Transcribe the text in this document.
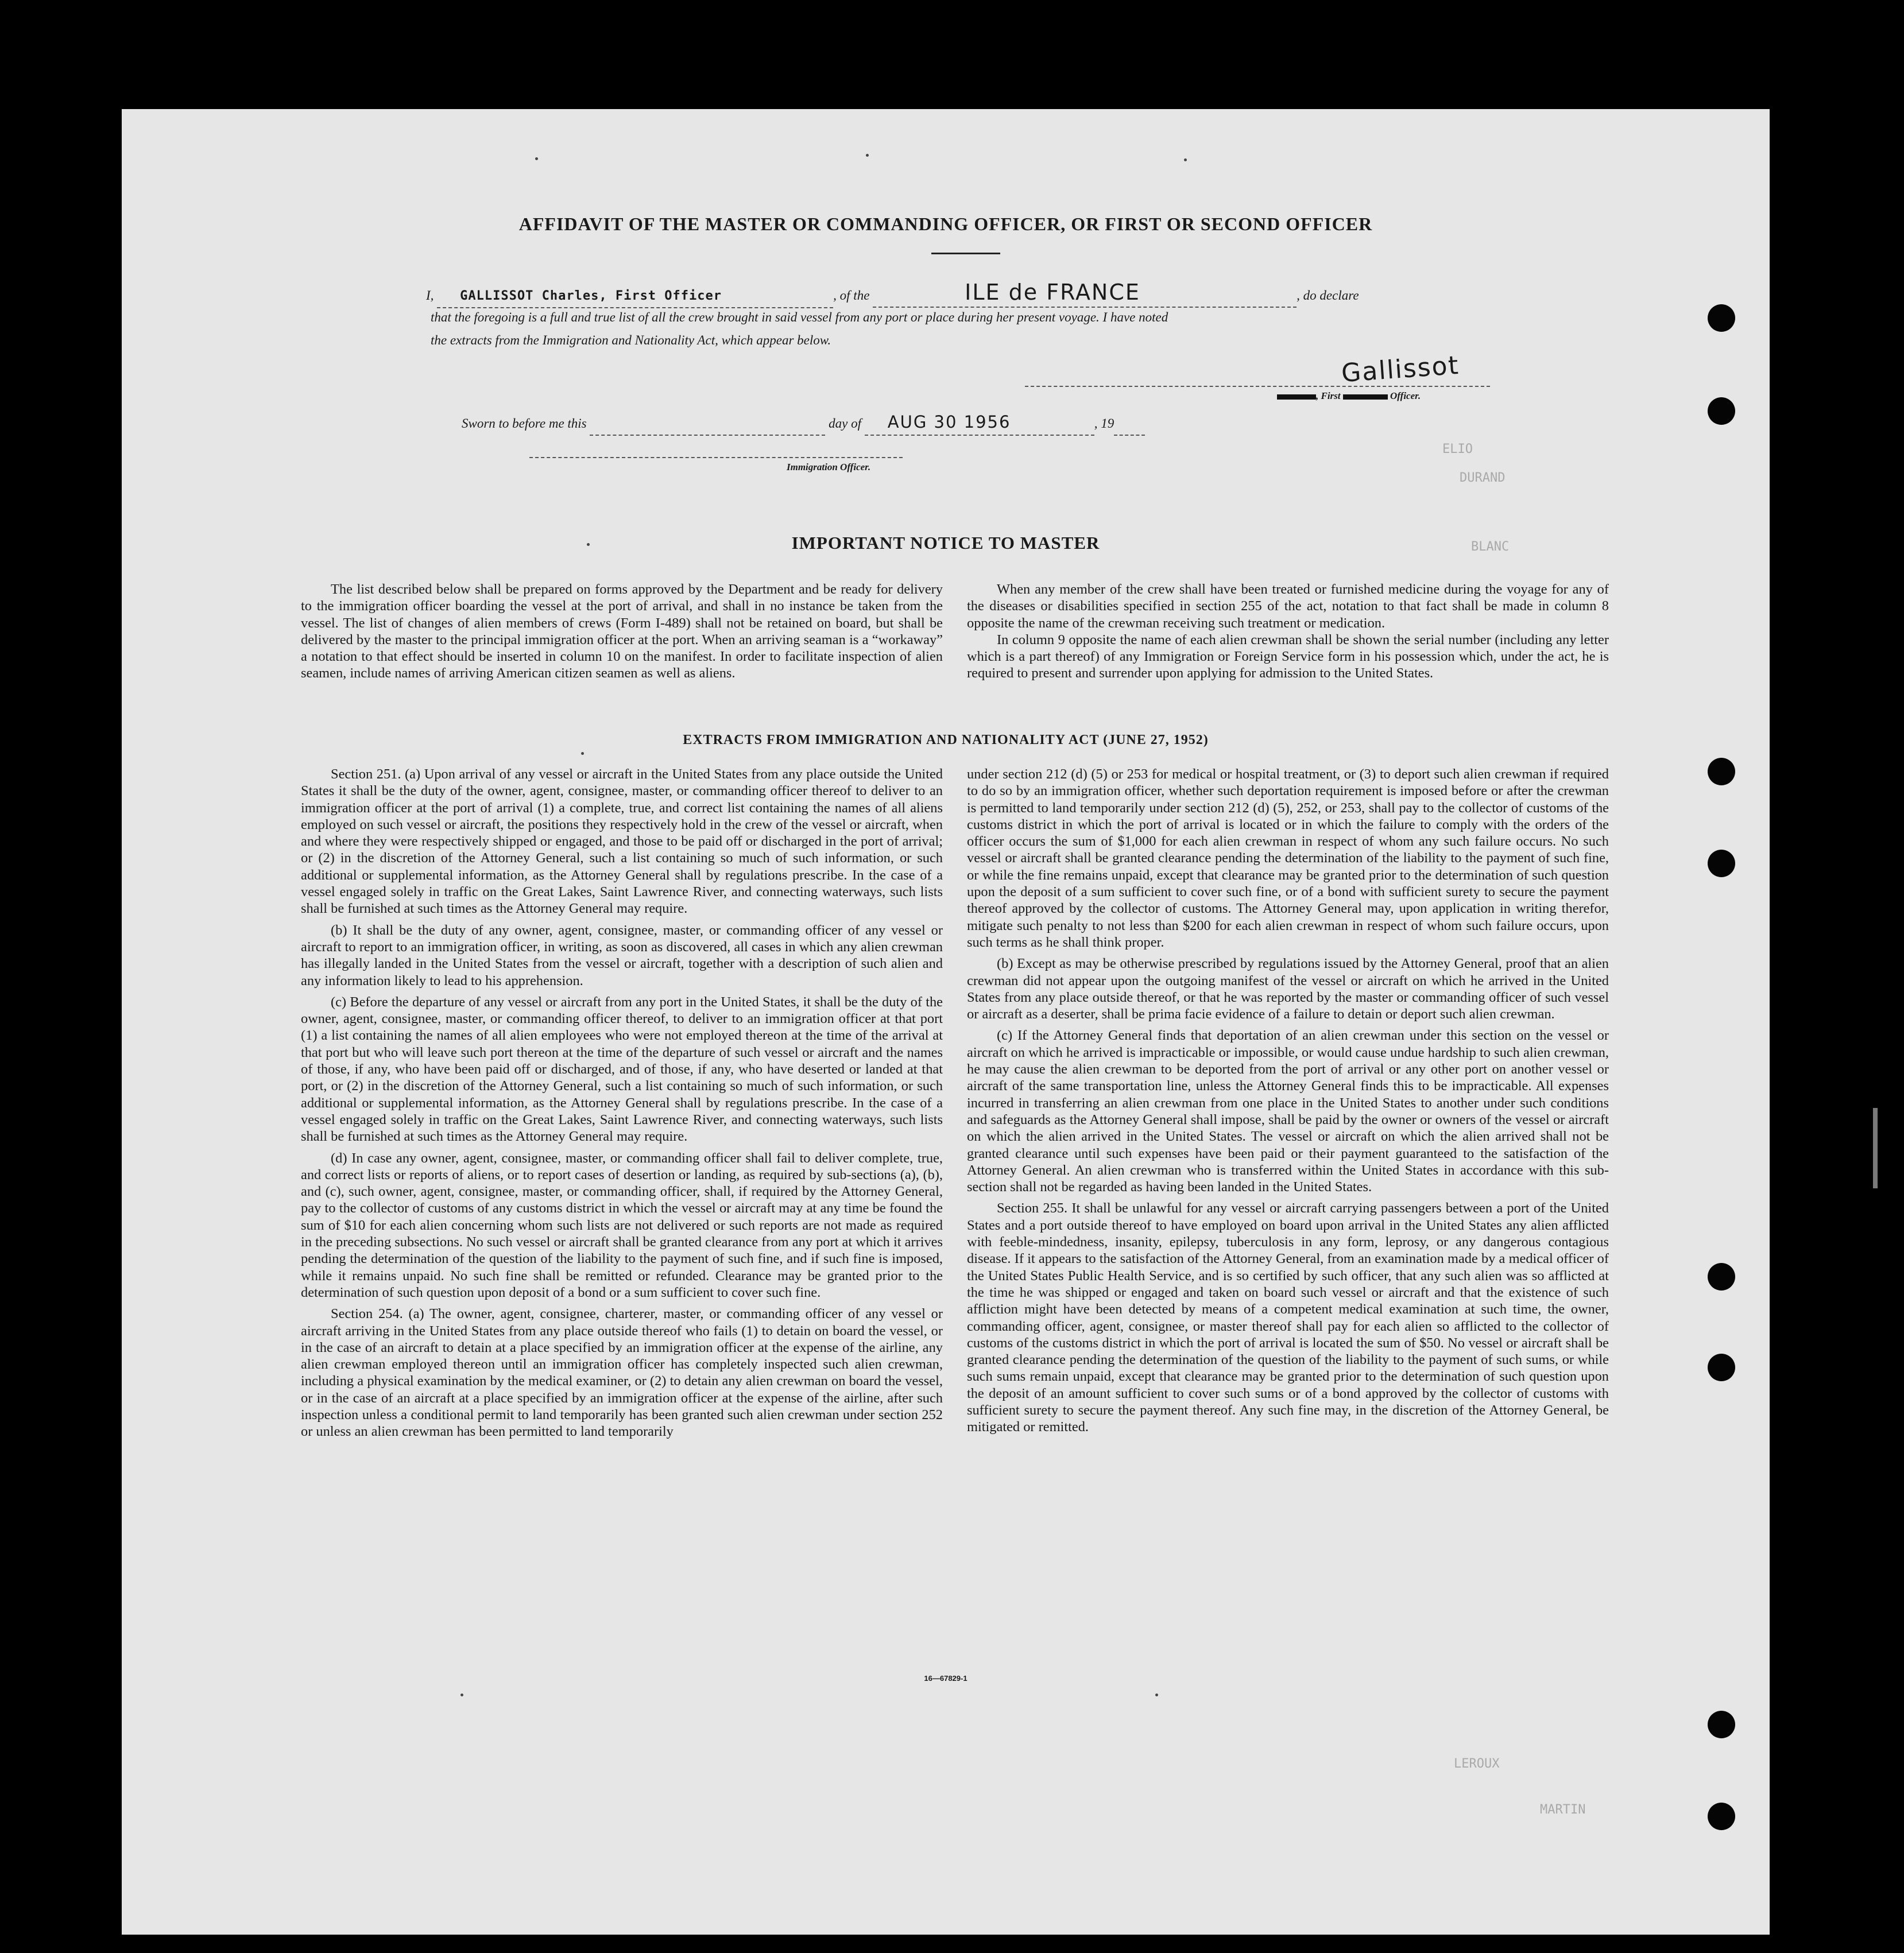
ELIO
DURAND
BLANC
LEROUX
MARTIN
AFFIDAVIT OF THE MASTER OR COMMANDING OFFICER, OR FIRST OR SECOND OFFICER
I, GALLISSOT Charles, First Officer	, of the	ILE de FRANCE	, do declare
that the foregoing is a full and true list of all the crew brought in said vessel from any port or place during her present voyage. I have noted
the extracts from the Immigration and Nationality Act, which appear below.
Gallissot
, First	Officer.
Sworn to before me this	day of AUG 30 1956	, 19
Immigration Officer.
IMPORTANT NOTICE TO MASTER

The list described below shall be prepared on forms approved by the Department and be ready for delivery to the immigration officer boarding the vessel at the port of arrival, and shall in no instance be taken from the vessel. The list of changes of alien members of crews (Form I-489) shall not be retained on board, but shall be delivered by the master to the principal immigration officer at the port. When an arriving seaman is a “workaway” a notation to that effect should be inserted in column 10 on the manifest. In order to facilitate inspection of alien seamen, include names of arriving American citizen seamen as well as aliens.

When any member of the crew shall have been treated or furnished medicine during the voyage for any of the diseases or disabilities specified in section 255 of the act, notation to that fact shall be made in column 8 opposite the name of the crewman receiving such treatment or medication.

In column 9 opposite the name of each alien crewman shall be shown the serial number (including any letter which is a part thereof) of any Immigration or Foreign Service form in his possession which, under the act, he is required to present and surrender upon applying for admission to the United States.

EXTRACTS FROM IMMIGRATION AND NATIONALITY ACT (JUNE 27, 1952)

Section 251. (a) Upon arrival of any vessel or aircraft in the United States from any place outside the United States it shall be the duty of the owner, agent, consignee, master, or commanding officer thereof to deliver to an immigration officer at the port of arrival (1) a complete, true, and correct list containing the names of all aliens employed on such vessel or aircraft, the positions they respectively hold in the crew of the vessel or aircraft, when and where they were respectively shipped or engaged, and those to be paid off or discharged in the port of arrival; or (2) in the discretion of the Attorney General, such a list containing so much of such information, or such additional or supplemental information, as the Attorney General shall by regulations prescribe. In the case of a vessel engaged solely in traffic on the Great Lakes, Saint Lawrence River, and connecting waterways, such lists shall be furnished at such times as the Attorney General may require.

(b) It shall be the duty of any owner, agent, consignee, master, or commanding officer of any vessel or aircraft to report to an immigration officer, in writing, as soon as discovered, all cases in which any alien crewman has illegally landed in the United States from the vessel or aircraft, together with a description of such alien and any information likely to lead to his apprehension.

(c) Before the departure of any vessel or aircraft from any port in the United States, it shall be the duty of the owner, agent, consignee, master, or commanding officer thereof, to deliver to an immigration officer at that port (1) a list containing the names of all alien employees who were not employed thereon at the time of the arrival at that port but who will leave such port thereon at the time of the departure of such vessel or aircraft and the names of those, if any, who have been paid off or discharged, and of those, if any, who have deserted or landed at that port, or (2) in the discretion of the Attorney General, such a list containing so much of such information, or such additional or supplemental information, as the Attorney General shall by regulations prescribe. In the case of a vessel engaged solely in traffic on the Great Lakes, Saint Lawrence River, and connecting waterways, such lists shall be furnished at such times as the Attorney General may require.

(d) In case any owner, agent, consignee, master, or commanding officer shall fail to deliver complete, true, and correct lists or reports of aliens, or to report cases of desertion or landing, as required by sub-sections (a), (b), and (c), such owner, agent, consignee, master, or commanding officer, shall, if required by the Attorney General, pay to the collector of customs of any customs district in which the vessel or aircraft may at any time be found the sum of $10 for each alien concerning whom such lists are not delivered or such reports are not made as required in the preceding subsections. No such vessel or aircraft shall be granted clearance from any port at which it arrives pending the determination of the question of the liability to the payment of such fine, and if such fine is imposed, while it remains unpaid. No such fine shall be remitted or refunded. Clearance may be granted prior to the determination of such question upon deposit of a bond or a sum sufficient to cover such fine.

Section 254. (a) The owner, agent, consignee, charterer, master, or commanding officer of any vessel or aircraft arriving in the United States from any place outside thereof who fails (1) to detain on board the vessel, or in the case of an aircraft to detain at a place specified by an immigration officer at the expense of the airline, any alien crewman employed thereon until an immigration officer has completely inspected such alien crewman, including a physical examination by the medical examiner, or (2) to detain any alien crewman on board the vessel, or in the case of an aircraft at a place specified by an immigration officer at the expense of the airline, after such inspection unless a conditional permit to land temporarily has been granted such alien crewman under section 252 or unless an alien crewman has been permitted to land temporarily

under section 212 (d) (5) or 253 for medical or hospital treatment, or (3) to deport such alien crewman if required to do so by an immigration officer, whether such deportation requirement is imposed before or after the crewman is permitted to land temporarily under section 212 (d) (5), 252, or 253, shall pay to the collector of customs of the customs district in which the port of arrival is located or in which the failure to comply with the orders of the officer occurs the sum of $1,000 for each alien crewman in respect of whom any such failure occurs. No such vessel or aircraft shall be granted clearance pending the determination of the liability to the payment of such fine, or while the fine remains unpaid, except that clearance may be granted prior to the determination of such question upon the deposit of a sum sufficient to cover such fine, or of a bond with sufficient surety to secure the payment thereof approved by the collector of customs. The Attorney General may, upon application in writing therefor, mitigate such penalty to not less than $200 for each alien crewman in respect of whom such failure occurs, upon such terms as he shall think proper.

(b) Except as may be otherwise prescribed by regulations issued by the Attorney General, proof that an alien crewman did not appear upon the outgoing manifest of the vessel or aircraft on which he arrived in the United States from any place outside thereof, or that he was reported by the master or commanding officer of such vessel or aircraft as a deserter, shall be prima facie evidence of a failure to detain or deport such alien crewman.

(c) If the Attorney General finds that deportation of an alien crewman under this section on the vessel or aircraft on which he arrived is impracticable or impossible, or would cause undue hardship to such alien crewman, he may cause the alien crewman to be deported from the port of arrival or any other port on another vessel or aircraft of the same transportation line, unless the Attorney General finds this to be impracticable. All expenses incurred in transferring an alien crewman from one place in the United States to another under such conditions and safeguards as the Attorney General shall impose, shall be paid by the owner or owners of the vessel or aircraft on which the alien arrived in the United States. The vessel or aircraft on which the alien arrived shall not be granted clearance until such expenses have been paid or their payment guaranteed to the satisfaction of the Attorney General. An alien crewman who is transferred within the United States in accordance with this sub-section shall not be regarded as having been landed in the United States.

Section 255. It shall be unlawful for any vessel or aircraft carrying passengers between a port of the United States and a port outside thereof to have employed on board upon arrival in the United States any alien afflicted with feeble-mindedness, insanity, epilepsy, tuberculosis in any form, leprosy, or any dangerous contagious disease. If it appears to the satisfaction of the Attorney General, from an examination made by a medical officer of the United States Public Health Service, and is so certified by such officer, that any such alien was so afflicted at the time he was shipped or engaged and taken on board such vessel or aircraft and that the existence of such affliction might have been detected by means of a competent medical examination at such time, the owner, commanding officer, agent, consignee, or master thereof shall pay for each alien so afflicted to the collector of customs of the customs district in which the port of arrival is located the sum of $50. No vessel or aircraft shall be granted clearance pending the determination of the question of the liability to the payment of such sums, or while such sums remain unpaid, except that clearance may be granted prior to the determination of such question upon the deposit of an amount sufficient to cover such sums or of a bond approved by the collector of customs with sufficient surety to secure the payment thereof. Any such fine may, in the discretion of the Attorney General, be mitigated or remitted.

16—67829-1
